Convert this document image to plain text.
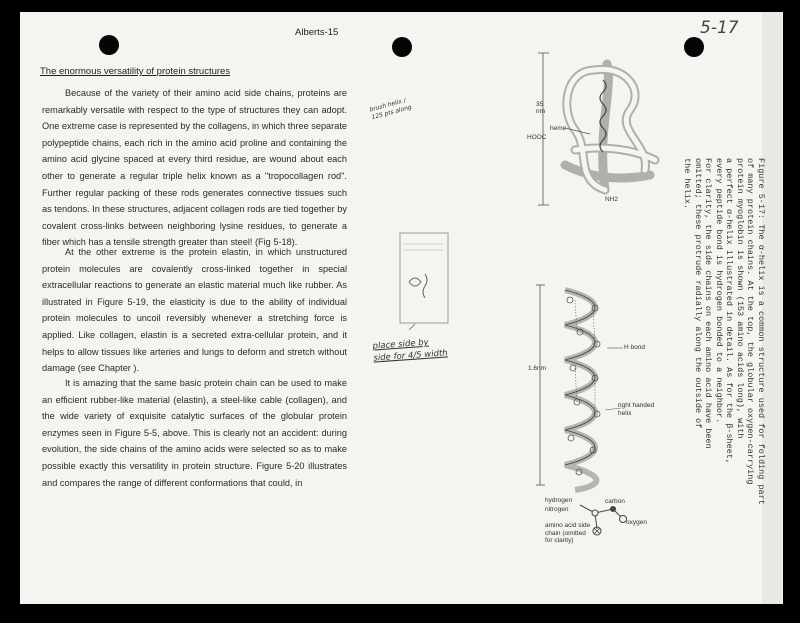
5-17
Alberts-15
The enormous versatility of protein structures

Because of the variety of their amino acid side chains, proteins are remarkably versatile with respect to the type of structures they can adopt. One extreme case is represented by the collagens, in which three separate polypeptide chains, each rich in the amino acid proline and containing the amino acid glycine spaced at every third residue, are wound about each other to generate a regular triple helix known as a "tropocollagen rod". Further regular packing of these rods generates connective tissues such as tendons. In these structures, adjacent collagen rods are tied together by covalent cross-links between neighboring lysine residues, to generate a fiber which has a tensile strength greater than steel! (Fig 5-18).

At the other extreme is the protein elastin, in which unstructured protein molecules are covalently cross-linked together in special extracellular reactions to generate an elastic material much like rubber. As illustrated in Figure 5-19, the elasticity is due to the ability of individual protein molecules to uncoil reversibly whenever a stretching force is applied. Like collagen, elastin is a secreted extra-cellular protein, and it helps to allow tissues like arteries and lungs to deform and stretch without damage (see Chapter ).

It is amazing that the same basic protein chain can be used to make an efficient rubber-like material (elastin), a steel-like cable (collagen), and the wide variety of exquisite catalytic surfaces of the globular protein enzymes seen in Figure 5-5, above. This is clearly not an accident: during evolution, the side chains of the amino acids were selected so as to make possible exactly this versatility in protein structure. Figure 5-20 illustrates and compares the range of different conformations that could, in

brush helix / 125 pts along
place side by
side for 4/5 width
35 nm
HOOC
heme
NH2
H bond
right handed
helix
1.6nm
hydrogen
nitrogen
carbon
oxygen
amino acid side
chain (omitted
for clarity)
Figure 5-17: The α-helix is a common structure used for folding part
of many protein chains. At the top, the globular oxygen-carrying
protein myoglobin is shown (153 amino acids long), with
a perfect α-helix illustrated in detail. As for the β-sheet,
every peptide bond is hydrogen bonded to a neighbor.
For clarity, the side chains on each amino acid have been
omitted; these protrude radially along the outside of
the helix.
